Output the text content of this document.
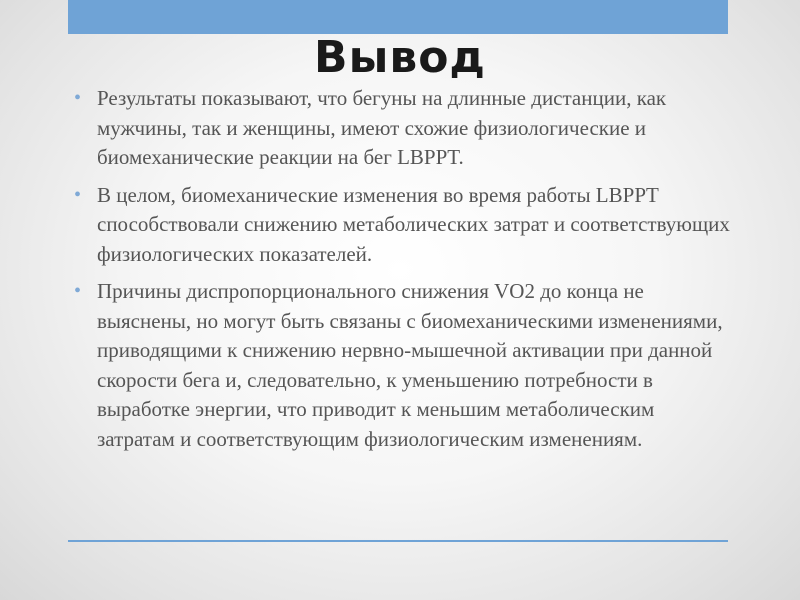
Вывод
• Результаты показывают, что бегуны на длинные дистанции, как мужчины, так и женщины, имеют схожие физиологические и биомеханические реакции на бег LBPPT.
• В целом, биомеханические изменения во время работы LBPPT способствовали снижению метаболических затрат и соответствующих физиологических показателей.
• Причины диспропорционального снижения VO2 до конца не выяснены, но могут быть связаны с биомеханическими изменениями, приводящими к снижению нервно-мышечной активации при данной скорости бега и, следовательно, к уменьшению потребности в выработке энергии, что приводит к меньшим метаболическим затратам и соответствующим физиологическим изменениям.
